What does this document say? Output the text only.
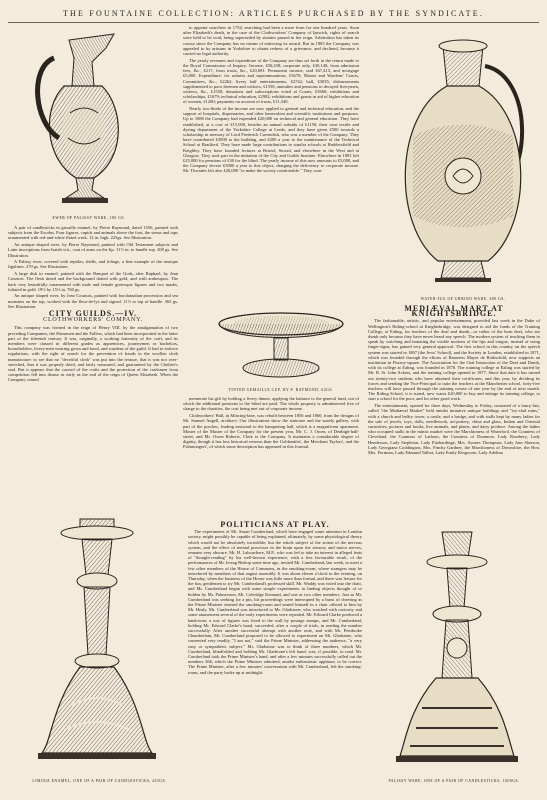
THE FOUNTAINE COLLECTION: ARTICLES PURCHASED BY THE SYNDICATE.
EWER OF PALISSY WARE, 180 GS.

A pair of candlesticks in grisaille enamel, by Pierre Raymond, dated 1556, painted with subjects from the Exodus. Four figures, cupids and animals above the foot, the stems and tops ornamented with red-and-white fluted work. 12 in. high. 225gs. See Illustration.

An antique shaped ewer, by Pierre Raymond, painted with Old Testament subjects and Latin inscriptions from Isaiah viii., coat of arms on the lip. 11½ in. to handle top. 200 gs. See Illustration.

A Palissy ewer, covered with reptiles, shells, and foliage, a fine example of the rustique figulines. 270 gs. See Illustration.

A large dish in enamel, painted with the Banquet of the Gods, after Raphael, by Jean Courtois. The flesh tinted and the background dotted with gold, and with arabesques. The back very beautifully ornamented with male and female grotesque figures and two masks, foliated in gold. 19½ by 15½ in. 760 gs.

An antique shaped ewer, by Jean Courtois, painted with bacchanalian procession and sea monsters on the top, worked with the fleur-de-lys and signed. 11½ to top of handle. 365 gs. See Illustration.

CITY GUILDS.—IV.
CLOTHWORKERS' COMPANY.

This company was formed in the reign of Henry VIII. by the amalgamation of two preceding Companies, the Shearmen and the Fullers, which had been incorporated in the latter part of the fifteenth century. It was, originally, a working fraternity of the craft, and its members were classed in different grades as apprentices, journeymen or bachelors, householders, livery-men wearing gown and hood, and wardens of the guild. It had to enforce regulations, with the right of search for the prevention of frauds in the woollen cloth manufacture: to see that no "deceitful cloth" was put into the texture, that it was not over-stretched, that it was properly dried, and fairly measured, and guaranteed by the Clothier's seal. But it appears that the control of the crafts and the protection of the craftsmen from competition fell into disuse as early as the end of the reign of Queen Elizabeth. When the Company ceased

to appoint searchers in 1754, searching had been a mere form for one hundred years. Soon after Elizabeth's death, in the case of the Clothworkers' Company of Ipswich, rights of search were held to be void, being superseded by statutes passed in her reign. Arbitration has taken its course since the Company has no means of enforcing its award. But in 1883 the Company was appealed to by artisans in Yorkshire to obtain redress of a grievance, and declined, because it carried no legal authority.

The yearly revenues and expenditure of the Company are thus set forth in the return made to the Royal Commission of Inquiry: Income, £50,438; corporate only, £30,140; from admission fees, &c., £217; from trusts, &c., £20,081. Permanent income, said £67,413, and mortgage £5,000. Expenditure: for salaries and superannuations, £3670; Master and Wardens' Courts, Committees, &c., £2262; livery half entertainments, £2742; hall, £3035; disbursements supplemented to poor freemen and widows, £1550; annuities and pensions to decayed liverymen, widows, &c., £1550; donations and subscriptions voted at Courts, £5660; exhibitions and scholarships, £1679; technical education, £2902; exhibitions and grants in aid of higher education of women, £1200; payments on account of trusts, £11,340.

Nearly two-thirds of the income are now applied to general and technical education, and the support of hospitals, dispensaries, and other benevolent and scientific institutions and purposes. Up to 1880 the Company had expended £20,000 on technical and general education. They have established, at a cost of £15,000, besides an annual subsidy of £1150, their own textile and dyeing department of the Yorkshire College at Leeds, and they have given £500 towards a scholarship in memory of Lord Frederick Cavendish, who was a member of the Company. They have contributed £3000 to the building, and £200 a year to the maintenance of the Technical School at Bradford. They have made large contributions to similar schools at Huddersfield and Keighley. They have founded lectures at Bristol, Stroud, and elsewhere in the West and at Glasgow. They took part in the initiation of the City and Guilds Institute. Elsewhere in 1881 left £25,000 for pensions of £30 for the blind. The yearly income of this now amounts to £5,000, and the Company devote £5000 a year to this object, charging the deficiency to corporate income. Mr. Thwaites left also £20,000 "to make the society comfortable." They com-

WATER-JUG OF URBINO WARE, 480 GS.
TINTED GEMAILLE CUP, BY P. RAYMOND, 62GS.

memorate his gift by holding a livery dinner, applying the balance to the general fund, out of which the additional pensions to the blind are paid. The whole property is administered free of charge to the charities, the cost being met out of corporate income.

Clothworkers' Hall, in Mincing-lane, was rebuilt between 1856 and 1860, from the designs of Mr. Samuel Angell, architect. Our illustrations show the staircase and the stately gallery, with part of the porches, leading eastward to the banqueting hall, which is a magnificent apartment. Master of the Master of the Company for the present year, Mr. C. J. Owen, of Denbigh-hall-street; and Mr. Owen Roberts, Clerk to the Company. It maintains a considerable degree of dignity, though it has less historical renown than the Goldsmiths', the Merchant Taylors', and the Fishmongers', of which some description has appeared in this Journal.

MEDIÆVAL MART AT KNIGHTSBRIDGE.

The fashionable, artistic, and popular entertainment, provided last week in the Duke of Wellington's Riding-school at Knightsbridge, was designed to aid the funds of the Training College, at Ealing, for teachers of the deaf and dumb—or rather of the born deaf, who are dumb only because they have never heard any speech. The modern system of teaching them to speak by watching and imitating the visible motions of the lips and tongue, instead of using finger-signs, has gained very general approval. The first school in this country on the speech system was started in 1867 (the Jews' School), and the Society in London, established in 1871, which was founded through the efforts of Baroness Mayer de Rothschild, now supports an institution in Fitzroy-square. The Association for the Oral Instruction of the Deaf and Dumb, with its college at Ealing, was founded in 1878. The training college at Ealing was started by Mr. B. St. John Ackers, and the training college opened in 1877. Since that date it has turned out twenty-two students who have obtained their certificates, and this year, by dividing its forces and sending the Vice-Principal to train the teachers at the Manchester school, forty-five teachers will have passed through the training course of one year by the end of next month. The Riding School, it is stated, now wants £20,000 to buy and enlarge its training college, to start a school for the poor, and for other good work.

The entertainment, opened for three days, Wednesday to Friday, consisted of a fancy-fair, called "the Mediæval Market" held amidst imitative antique buildings and "ivy-clad ruins," with a church and belfry tower, a castle, and a bridge, and with stalls kept by many ladies for the sale of jewels, toys, dolls, needlework, art-pottery, china and glass, Indian and Oriental curiosities, pictures and books, live animals, and plants, and dairy produce. Among the ladies who occupied stalls in the mimic market were the Marchioness of Waterford, the Countess of Cleveland, the Countess of Lathom, the Countess of Dunmore, Lady Rosebery, Lady Henderson, Lady Stepleton, Lady Fitzhardinge, Mrs. Synnes Thompson, Lady Ann Sherson, Lady Georgiana Coddington, Mrs. Finchy Gardner, the Marchioness of Downshire, the Hon. Mrs. Portman, Lady Edmund Talbot, Lady Emily Kingscote, Lady Adelina

POLITICIANS AT PLAY.

The experiments of Mr. Stuart Cumberland, which have engaged some attention in London society, might possibly be capable of being explained, ultimately, by some physiological theory which would not be absolutely incredible; but the whole subject of the action of the nervous system, and the effect of mental processes in the brain upon the sensory and motor nerves, remains very obscure. Mr. H. Labouchere, M.P., who was led to take an interest in alleged feats of "thought-reading" by his well-known experience, with a less favourable result, of the performances of Mr. Irving Bishop some time ago, invited Mr. Cumberland, last week, to meet a few other members of the House of Commons, in the smoking-room, where strangers may be introduced by members of that august assembly. It was about eleven o'clock in the evening, on Thursday, when the business of the House was little more than formal, and there was leisure for the fun, gentlemen to try Mr. Cumberland's professed skill. Mr. Waddy was voted into the chair, and Mr. Cumberland began with some simple experiments in finding objects thought of or hidden by Mr. Palmerston, Mr. Coleridge Kennard, and one or two other members. Just as Mr. Cumberland was seeking for a pin, his proceedings were interrupted by a burst of cheering as the Prime Minister entered the smoking-room and seated himself in a chair offered to him by Mr. Healy. Mr. Cumberland was introduced to Mr. Gladstone, who watched with curiosity and some amusement several of the early experiments were repeated. Mr. Edward Clarke produced a bank-note; a row of figures was fixed to the wall by postage stamps, and Mr. Cumberland, holding Mr. Edward Clarke's hand, succeeded, after a couple of trials, in reading the number successfully. After another successful attempt with another note, and with Mr. Pembroke Chamberlain, Mr. Cumberland proposed to be allowed to experiment on Mr. Gladstone, who consented very readily. "I am not," said the Prime Minister, addressing the audience, "a very easy or sympathetic subject." Mr. Gladstone was to think of three numbers, which Mr. Cumberland, blindfolded and holding Mr. Gladstone's left hand, was, if possible, to read. Mr. Cumberland took the Prime Minister's hand, and after a few minutes successfully called out the numbers 366, which the Prime Minister admitted, amidst enthusiastic applause, to be correct. The Prime Minister, after a few minutes' conversation with Mr. Cumberland, left the smoking-room, and the party broke up at midnight.

LIMOGE ENAMEL, ONE OF A PAIR OF CANDLESTICKS, 425GS.	PALISSY WARE, ONE OF A PAIR OF CANDLESTICKS, 1000GS.
